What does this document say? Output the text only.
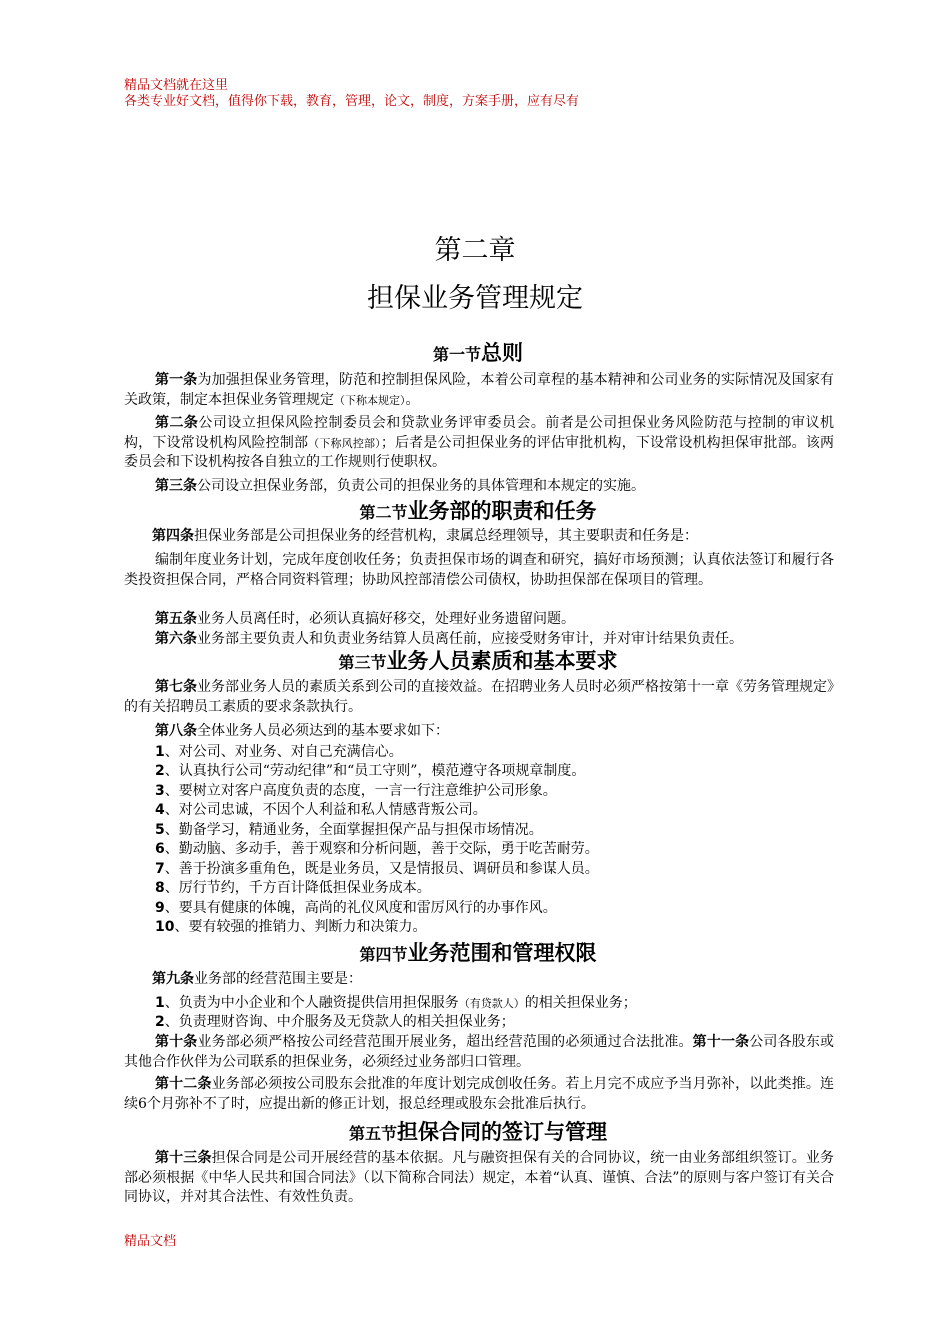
精品文档就在这里
各类专业好文档，值得你下载，教育，管理，论文，制度，方案手册，应有尽有
第二章
担保业务管理规定
第一节总则
第一条为加强担保业务管理，防范和控制担保风险，本着公司章程的基本精神和公司业务的实际情况及国家有关政策，制定本担保业务管理规定（下称本规定）。
第二条公司设立担保风险控制委员会和贷款业务评审委员会。前者是公司担保业务风险防范与控制的审议机构，下设常设机构风险控制部（下称风控部）；后者是公司担保业务的评估审批机构，下设常设机构担保审批部。该两委员会和下设机构按各自独立的工作规则行使职权。
第三条公司设立担保业务部，负责公司的担保业务的具体管理和本规定的实施。
第二节业务部的职责和任务
第四条担保业务部是公司担保业务的经营机构，隶属总经理领导，其主要职责和任务是：
编制年度业务计划，完成年度创收任务；负责担保市场的调查和研究，搞好市场预测；认真依法签订和履行各类投资担保合同，严格合同资料管理；协助风控部清偿公司债权，协助担保部在保项目的管理。
第五条业务人员离任时，必须认真搞好移交，处理好业务遗留问题。
第六条业务部主要负责人和负责业务结算人员离任前，应接受财务审计，并对审计结果负责任。
第三节业务人员素质和基本要求
第七条业务部业务人员的素质关系到公司的直接效益。在招聘业务人员时必须严格按第十一章《劳务管理规定》的有关招聘员工素质的要求条款执行。
第八条全体业务人员必须达到的基本要求如下：
1、对公司、对业务、对自己充满信心。
2、认真执行公司“劳动纪律”和“员工守则”，模范遵守各项规章制度。
3、要树立对客户高度负责的态度，一言一行注意维护公司形象。
4、对公司忠诚，不因个人利益和私人情感背叛公司。
5、勤备学习，精通业务，全面掌握担保产品与担保市场情况。
6、勤动脑、多动手，善于观察和分析问题，善于交际，勇于吃苦耐劳。
7、善于扮演多重角色，既是业务员，又是情报员、调研员和参谋人员。
8、厉行节约，千方百计降低担保业务成本。
9、要具有健康的体魄，高尚的礼仪风度和雷厉风行的办事作风。
10、要有较强的推销力、判断力和决策力。
第四节业务范围和管理权限
第九条业务部的经营范围主要是：
1、负责为中小企业和个人融资提供信用担保服务（有贷款人）的相关担保业务；
2、负责理财咨询、中介服务及无贷款人的相关担保业务；
第十条业务部必须严格按公司经营范围开展业务，超出经营范围的必须通过合法批准。第十一条公司各股东或其他合作伙伴为公司联系的担保业务，必须经过业务部归口管理。
第十二条业务部必须按公司股东会批准的年度计划完成创收任务。若上月完不成应予当月弥补，以此类推。连续6个月弥补不了时，应提出新的修正计划，报总经理或股东会批准后执行。
第五节担保合同的签订与管理
第十三条担保合同是公司开展经营的基本依据。凡与融资担保有关的合同协议，统一由业务部组织签订。业务部必须根据《中华人民共和国合同法》（以下简称合同法）规定，本着“认真、谨慎、合法”的原则与客户签订有关合同协议，并对其合法性、有效性负责。
精品文档
